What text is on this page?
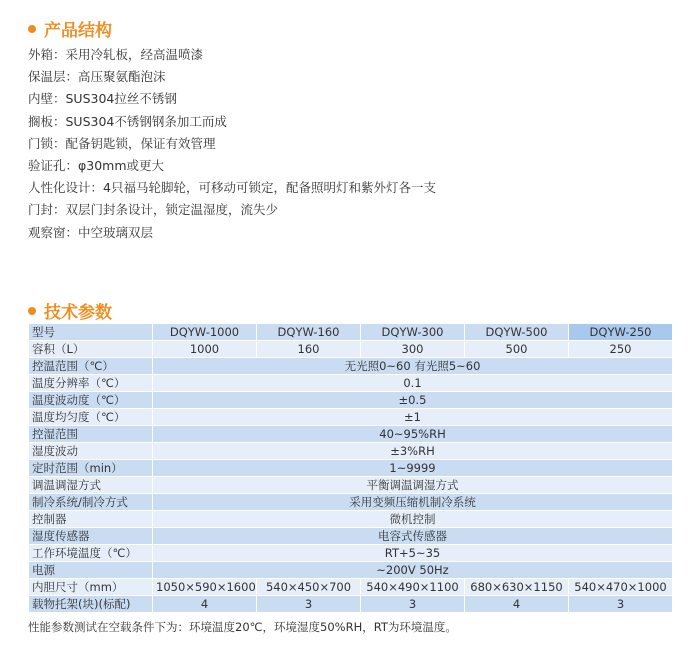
产品结构
外箱：采用冷轧板，经高温喷漆
保温层：高压聚氨酯泡沫
内壁：SUS304拉丝不锈钢
搁板：SUS304不锈钢钢条加工而成
门锁：配备钥匙锁，保证有效管理
验证孔：φ30mm或更大
人性化设计：4只福马轮脚轮，可移动可锁定，配备照明灯和紫外灯各一支
门封：双层门封条设计，锁定温湿度，流失少
观察窗：中空玻璃双层
技术参数
型号	DQYW-1000	DQYW-160	DQYW-300	DQYW-500	DQYW-250
容积（L）	1000	160	300	500	250
控温范围（℃）	无光照0~60 有光照5~60				
温度分辨率（℃）	0.1				
温度波动度（℃）	±0.5				
温度均匀度（℃）	±1				
控湿范围	40~95%RH				
湿度波动	±3%RH				
定时范围（min）	1~9999				
调温调湿方式	平衡调温调湿方式				
制冷系统/制冷方式	采用变频压缩机制冷系统				
控制器	微机控制				
湿度传感器	电容式传感器				
工作环境温度（℃）	RT+5~35				
电源	~200V 50Hz				
内胆尺寸（mm）	1050×590×1600	540×450×700	540×490×1100	680×630×1150	540×470×1000
载物托架(块)(标配)	4	3	3	4	3
性能参数测试在空载条件下为：环境温度20℃，环境湿度50%RH，RT为环境温度。
